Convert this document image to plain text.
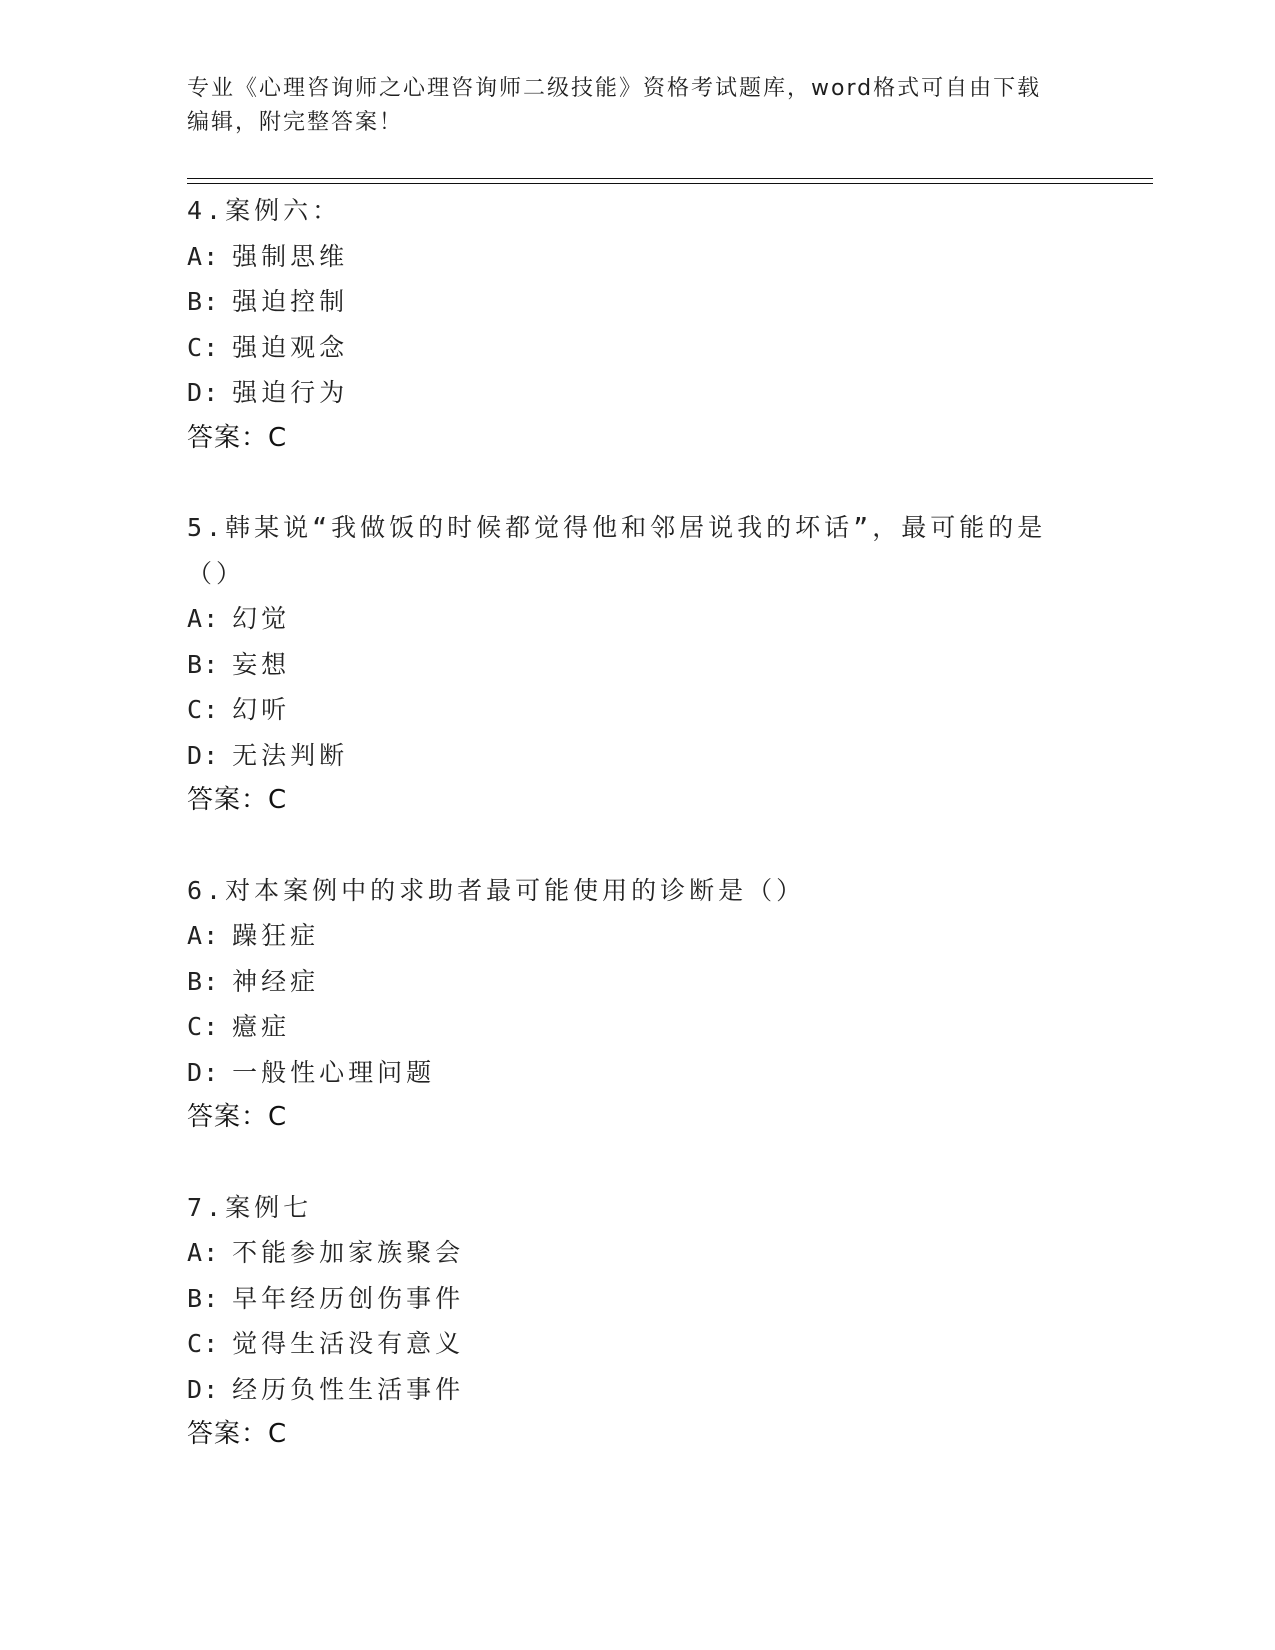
专业《心理咨询师之心理咨询师二级技能》资格考试题库，word格式可自由下载
编辑，附完整答案！
4.案例六：
A: 强制思维
B: 强迫控制
C: 强迫观念
D: 强迫行为
答案：C
5.韩某说“我做饭的时候都觉得他和邻居说我的坏话”，最可能的是（）
A: 幻觉
B: 妄想
C: 幻听
D: 无法判断
答案：C
6.对本案例中的求助者最可能使用的诊断是（）
A: 躁狂症
B: 神经症
C: 癔症
D: 一般性心理问题
答案：C
7.案例七
A: 不能参加家族聚会
B: 早年经历创伤事件
C: 觉得生活没有意义
D: 经历负性生活事件
答案：C
